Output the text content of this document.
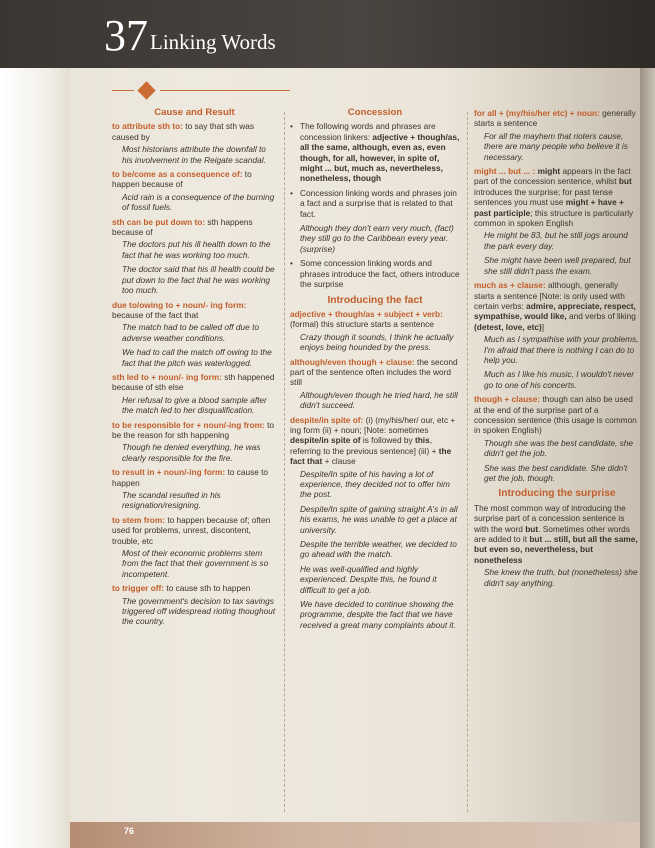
37 Linking Words
Cause and Result
to attribute sth to: to say that sth was caused by
Most historians attribute the downfall to his involvement in the Reigate scandal.
to be/come as a consequence of: to happen because of
Acid rain is a consequence of the burning of fossil fuels.
sth can be put down to: sth happens because of
The doctors put his ill health down to the fact that he was working too much.
The doctor said that his ill health could be put down to the fact that he was working too much.
due to/owing to + noun/- ing form: because of the fact that
The match had to be called off due to adverse weather conditions.
We had to call the match off owing to the fact that the pitch was waterlogged.
sth led to + noun/- ing form: sth happened because of sth else
Her refusal to give a blood sample after the match led to her disqualification.
to be responsible for + noun/-ing from: to be the reason for sth happening
Though he denied everything, he was clearly responsible for the fire.
to result in + noun/-ing form: to cause to happen
The scandal resulted in his resignation/resigning.
to stem from: to happen because of; often used for problems, unrest, discontent, trouble, etc
Most of their economic problems stem from the fact that their government is so incompetent.
to trigger off: to cause sth to happen
The government's decision to tax savings triggered off widespread rioting thoughout the country.
Concession
• The following words and phrases are concession linkers: adjective + though/as, all the same, although, even as, even though, for all, however, in spite of, might ... but, much as, nevertheless, nonetheless, though
• Concession linking words and phrases join a fact and a surprise that is related to that fact.
Although they don't earn very much, (fact) they still go to the Caribbean every year. (surprise)
• Some concession linking words and phrases introduce the fact, others introduce the surprise
Introducing the fact
adjective + though/as + subject + verb: (formal) this structure starts a sentence
Crazy though it sounds, I think he actually enjoys being hounded by the press.
although/even though + clause: the second part of the sentence often includes the word still
Although/even though he tried hard, he still didn't succeed.
despite/in spite of: (i) (my/his/her/ our, etc + ing form (ii) + noun; [Note: sometimes despite/in spite of is followed by this, referring to the previous sentence] (iii) + the fact that + clause
Despite/In spite of his having a lot of experience, they decided not to offer him the post.
Despite/In spite of gaining straight A's in all his exams, he was unable to get a place at university.
Despite the terrible weather, we decided to go ahead with the match.
He was well-qualified and highly experienced. Despite this, he found it difficult to get a job.
We have decided to continue showing the programme, despite the fact that we have received a great many complaints about it.
for all + (my/his/her etc) + noun: generally starts a sentence
For all the mayhem that rioters cause, there are many people who believe it is necessary.
might ... but ... : might appears in the fact part of the concession sentence, whilst but introduces the surprise; for past tense sentences you must use might + have + past participle; this structure is particularly common in spoken English
He might be 83, but he still jogs around the park every day.
She might have been well prepared, but she still didn't pass the exam.
much as + clause: although, generally starts a sentence [Note: is only used with certain verbs: admire, appreciate, respect, sympathise, would like, and verbs of liking (detest, love, etc)]
Much as I sympathise with your problems, I'm afraid that there is nothing I can do to help you.
Much as I like his music, I wouldn't never go to one of his concerts.
though + clause: though can also be used at the end of the surprise part of a concession sentence (this usage is common in spoken English)
Though she was the best candidate, she didn't get the job.
She was the best candidate. She didn't get the job, though.
Introducing the surprise
The most common way of introducing the surprise part of a concession sentence is with the word but. Sometimes other words are added to it but ... still, but all the same, but even so, nevertheless, but nonetheless
She knew the truth, but (nonetheless) she didn't say anything.
76
